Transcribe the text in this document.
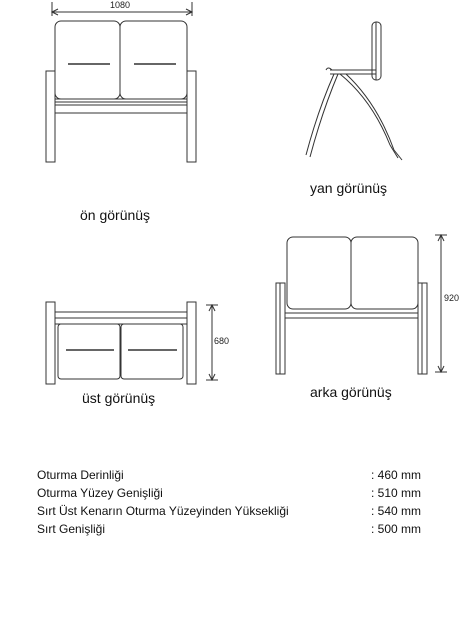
1080
680
920
ön görünüş
yan görünüş
üst görünüş	arka görünüş
Oturma Derinliği	: 460 mm
Oturma Yüzey Genişliği	: 510 mm
Sırt Üst Kenarın Oturma Yüzeyinden Yüksekliği	: 540 mm
Sırt Genişliği	: 500 mm
